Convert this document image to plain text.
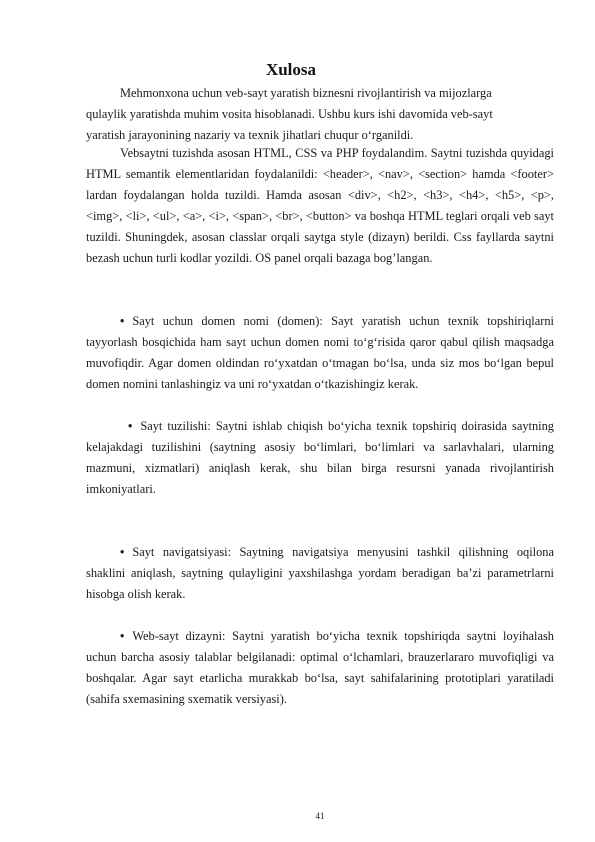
Xulosa
Mehmonxona uchun veb-sayt yaratish biznesni rivojlantirish va mijozlarga
qulaylik yaratishda muhim vosita hisoblanadi. Ushbu kurs ishi davomida veb-sayt
yaratish jarayonining nazariy va texnik jihatlari chuqur o‘rganildi.

Vebsaytni tuzishda asosan HTML, CSS va PHP foydalandim. Saytni tuzishda quyidagi HTML semantik elementlaridan foydalanildi: <header>, <nav>, <section> hamda <footer> lardan foydalangan holda tuzildi. Hamda asosan <div>, <h2>, <h3>, <h4>, <h5>, <p>, <img>, <li>, <ul>, <a>, <i>, <span>, <br>, <button> va boshqa HTML teglari orqali veb sayt tuzildi. Shuningdek, asosan classlar orqali saytga style (dizayn) berildi. Css fayllarda saytni bezash uchun turli kodlar yozildi. OS panel orqali bazaga bog’langan.

• Sayt uchun domen nomi (domen): Sayt yaratish uchun texnik topshiriqlarni tayyorlash bosqichida ham sayt uchun domen nomi to‘g‘risida qaror qabul qilish maqsadga muvofiqdir. Agar domen oldindan ro‘yxatdan o‘tmagan bo‘lsa, unda siz mos bo‘lgan bepul domen nomini tanlashingiz va uni ro‘yxatdan o‘tkazishingiz kerak.

• Sayt tuzilishi: Saytni ishlab chiqish bo‘yicha texnik topshiriq doirasida saytning kelajakdagi tuzilishini (saytning asosiy bo‘limlari, bo‘limlari va sarlavhalari, ularning mazmuni, xizmatlari) aniqlash kerak, shu bilan birga resursni yanada rivojlantirish imkoniyatlari.

• Sayt navigatsiyasi: Saytning navigatsiya menyusini tashkil qilishning oqilona shaklini aniqlash, saytning qulayligini yaxshilashga yordam beradigan ba’zi parametrlarni hisobga olish kerak.

• Web-sayt dizayni: Saytni yaratish bo‘yicha texnik topshiriqda saytni loyihalash uchun barcha asosiy talablar belgilanadi: optimal o‘lchamlari, brauzerlararo muvofiqligi va boshqalar. Agar sayt etarlicha murakkab bo‘lsa, sayt sahifalarining prototiplari yaratiladi (sahifa sxemasining sxematik versiyasi).

41
